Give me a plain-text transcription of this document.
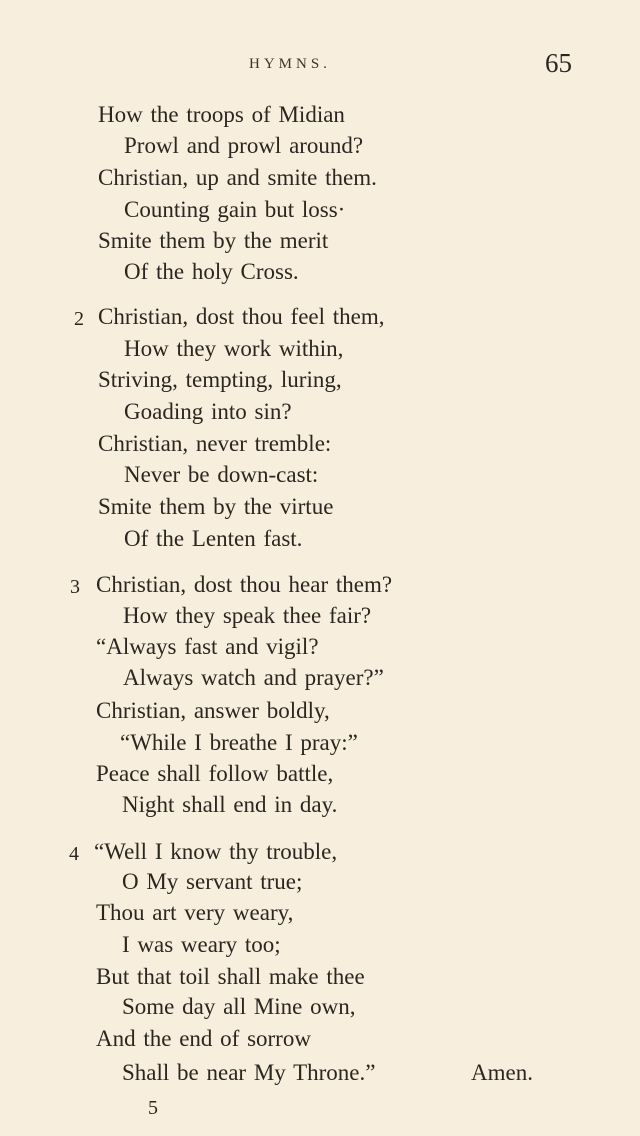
HYMNS.	65
How the troops of Midian
Prowl and prowl around?
Christian, up and smite them.
Counting gain but loss·
Smite them by the merit
Of the holy Cross.
2 Christian, dost thou feel them,
How they work within,
Striving, tempting, luring,
Goading into sin?
Christian, never tremble:
Never be down-cast:
Smite them by the virtue
Of the Lenten fast.
3 Christian, dost thou hear them?
How they speak thee fair?
“Always fast and vigil?
Always watch and prayer?”
Christian, answer boldly,
“While I breathe I pray:”
Peace shall follow battle,
Night shall end in day.
4 “Well I know thy trouble,
O My servant true;
Thou art very weary,
I was weary too;
But that toil shall make thee
Some day all Mine own,
And the end of sorrow
Shall be near My Throne.”	Amen.
5
